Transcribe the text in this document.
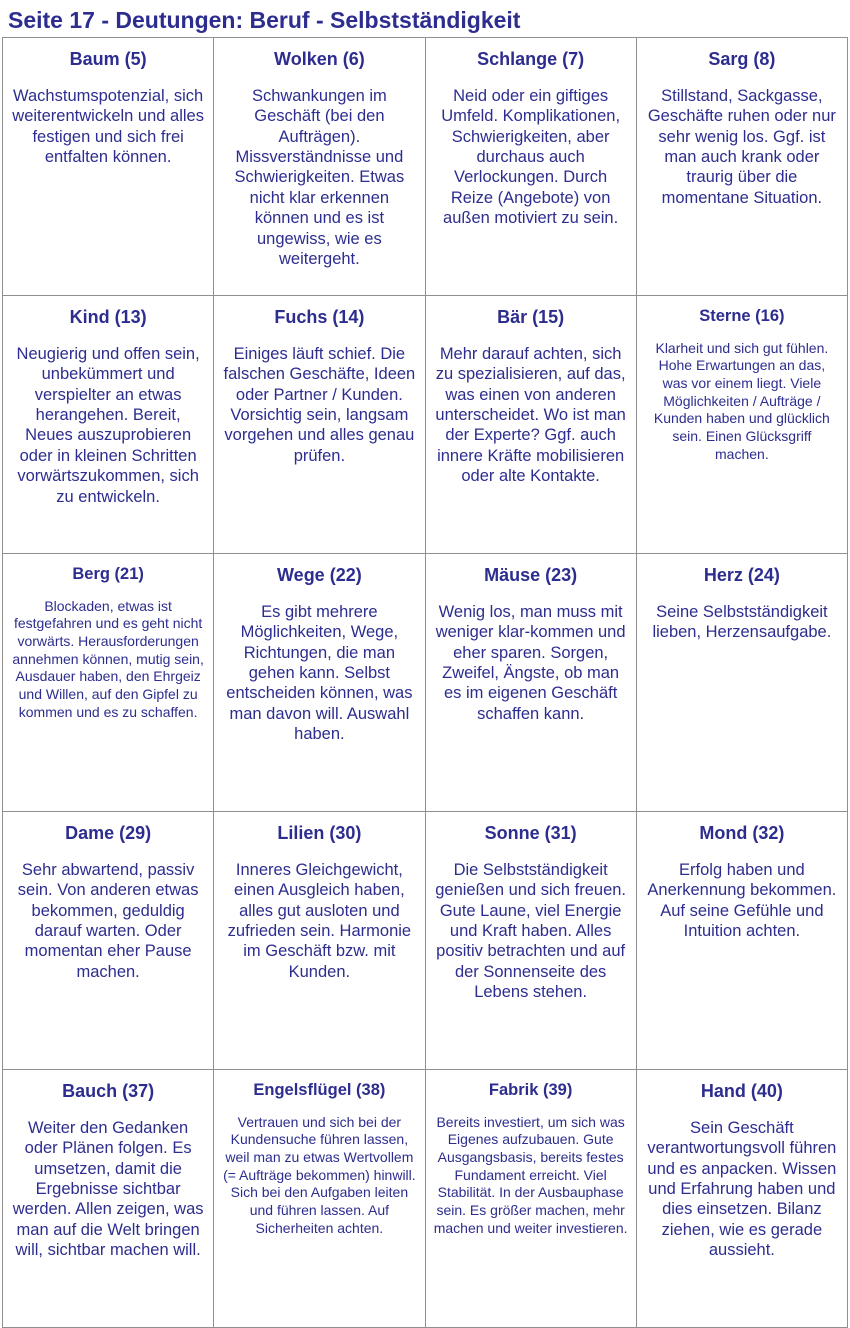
Seite 17 - Deutungen: Beruf - Selbstständigkeit
Baum (5)
Wachstumspotenzial, sich weiterentwickeln und alles festigen und sich frei entfalten können.
Wolken (6)
Schwankungen im Geschäft (bei den Aufträgen). Missverständnisse und Schwierigkeiten. Etwas nicht klar erkennen können und es ist ungewiss, wie es weitergeht.
Schlange (7)
Neid oder ein giftiges Umfeld. Komplikationen, Schwierigkeiten, aber durchaus auch Verlockungen. Durch Reize (Angebote) von außen motiviert zu sein.
Sarg (8)
Stillstand, Sackgasse, Geschäfte ruhen oder nur sehr wenig los. Ggf. ist man auch krank oder traurig über die momentane Situation.
Kind (13)
Neugierig und offen sein, unbekümmert und verspielter an etwas herangehen. Bereit, Neues auszuprobieren oder in kleinen Schritten vorwärtszukommen, sich zu entwickeln.
Fuchs (14)
Einiges läuft schief. Die falschen Geschäfte, Ideen oder Partner / Kunden. Vorsichtig sein, langsam vorgehen und alles genau prüfen.
Bär (15)
Mehr darauf achten, sich zu spezialisieren, auf das, was einen von anderen unterscheidet. Wo ist man der Experte? Ggf. auch innere Kräfte mobilisieren oder alte Kontakte.
Sterne (16)
Klarheit und sich gut fühlen. Hohe Erwartungen an das, was vor einem liegt. Viele Möglichkeiten / Aufträge / Kunden haben und glücklich sein. Einen Glücksgriff machen.
Berg (21)
Blockaden, etwas ist festgefahren und es geht nicht vorwärts. Herausforderungen annehmen können, mutig sein, Ausdauer haben, den Ehrgeiz und Willen, auf den Gipfel zu kommen und es zu schaffen.
Wege (22)
Es gibt mehrere Möglichkeiten, Wege, Richtungen, die man gehen kann. Selbst entscheiden können, was man davon will. Auswahl haben.
Mäuse (23)
Wenig los, man muss mit weniger klar-kommen und eher sparen. Sorgen, Zweifel, Ängste, ob man es im eigenen Geschäft schaffen kann.
Herz (24)
Seine Selbstständigkeit lieben, Herzensaufgabe.
Dame (29)
Sehr abwartend, passiv sein. Von anderen etwas bekommen, geduldig darauf warten. Oder momentan eher Pause machen.
Lilien (30)
Inneres Gleichgewicht, einen Ausgleich haben, alles gut ausloten und zufrieden sein. Harmonie im Geschäft bzw. mit Kunden.
Sonne (31)
Die Selbstständigkeit genießen und sich freuen. Gute Laune, viel Energie und Kraft haben. Alles positiv betrachten und auf der Sonnenseite des Lebens stehen.
Mond (32)
Erfolg haben und Anerkennung bekommen. Auf seine Gefühle und Intuition achten.
Bauch (37)
Weiter den Gedanken oder Plänen folgen. Es umsetzen, damit die Ergebnisse sichtbar werden. Allen zeigen, was man auf die Welt bringen will, sichtbar machen will.
Engelsflügel (38)
Vertrauen und sich bei der Kundensuche führen lassen, weil man zu etwas Wertvollem (= Aufträge bekommen) hinwill. Sich bei den Aufgaben leiten und führen lassen. Auf Sicherheiten achten.
Fabrik (39)
Bereits investiert, um sich was Eigenes aufzubauen. Gute Ausgangsbasis, bereits festes Fundament erreicht. Viel Stabilität. In der Ausbauphase sein. Es größer machen, mehr machen und weiter investieren.
Hand (40)
Sein Geschäft verantwortungsvoll führen und es anpacken. Wissen und Erfahrung haben und dies einsetzen. Bilanz ziehen, wie es gerade aussieht.
